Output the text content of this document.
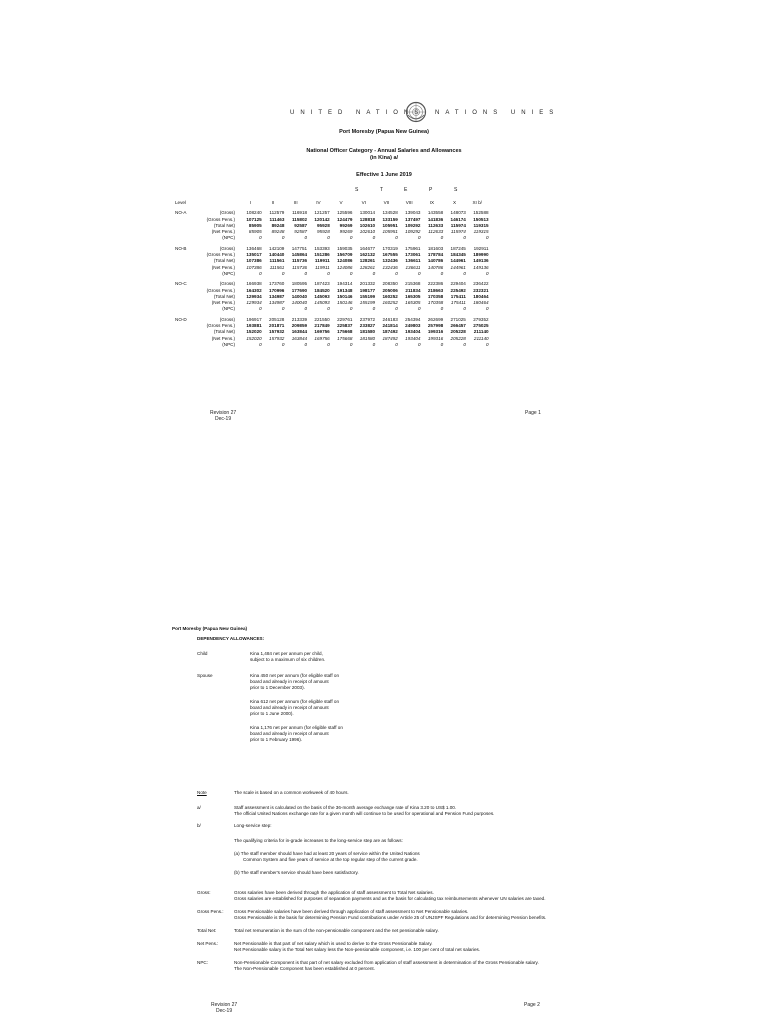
UNITED NATIONS NATIONS UNIES
Port Moresby (Papua New Guinea)
National Officer Category - Annual Salaries and Allowances
(in Kina) a/
Effective 1 June 2019
S	T	E	P	S
Level		I	II	III	IV	V	VI	VII	VIII	IX	X	XI b/

NO-A	(Gross)	108240	112579	116918	121257	125596	130014	134528	139043	143558	148073	152588
	(Gross Pens.)	107125	111463	115802	120142	124479	128818	133159	137497	141836	146174	150513
	(Total Net)	85905	89248	92587	95928	99269	102610	105951	109292	112633	115974	119315
	(Net Pens.)	85905	89248	92587	95928	99269	102610	105951	109292	112633	115974	119315
	(NPC)	0	0	0	0	0	0	0	0	0	0	0

NO-B	(Gross)	136468	142109	147751	153393	159035	164677	170319	175961	181603	187245	192911
	(Gross Pens.)	135017	140440	145864	151286	156709	162132	167555	173061	178784	184345	189990
	(Total Net)	107386	111561	115736	119911	124086	128261	132436	136611	140786	144961	149136
	(Net Pens.)	107386	111561	115736	119911	124086	128261	132436	136611	140786	144961	149136
	(NPC)	0	0	0	0	0	0	0	0	0	0	0

NO-C	(Gross)	166938	173760	180595	187423	194314	201332	208350	215368	222386	229404	236422
	(Gross Pens.)	164302	170996	177690	184520	191348	198177	205006	211834	218663	225492	232321
	(Total Net)	129934	134987	140040	145093	150146	155199	160252	165305	170358	175411	180464
	(Net Pens.)	129934	134987	140040	145093	150146	155199	160252	165305	170358	175411	180464
	(NPC)	0	0	0	0	0	0	0	0	0	0	0

NO-D	(Gross)	196917	205128	213339	221550	229761	237972	246183	254394	262699	271025	279352
	(Gross Pens.)	193881	201871	209859	217849	225837	233827	241814	249803	257998	266457	275025
	(Total Net)	152020	157932	163844	169756	175668	181580	187492	193404	199316	205228	211140
	(Net Pens.)	152020	157932	163844	169756	175668	181580	187492	193404	199316	205228	211140
	(NPC)	0	0	0	0	0	0	0	0	0	0	0

Revision 27
Dec-19
Page 1
Port Moresby (Papua New Guinea)
DEPENDENCY ALLOWANCES:
Child	Kina 1,484 net per annum per child,
subject to a maximum of six children.
Spouse	Kina 450 net per annum (for eligible staff on
board and already in receipt of amount
prior to 1 December 2003).
Kina 612 net per annum (for eligible staff on
board and already in receipt of amount
prior to 1 June 2000).
Kina 1,176 net per annum (for eligible staff on
board and already in receipt of amount
prior to 1 February 1996).
Note	The scale is based on a common workweek of 40 hours.
a/	Staff assessment is calculated on the basis of the 36-month average exchange rate of Kina 3.20 to US$ 1.00.
The official United Nations exchange rate for a given month will continue to be used for operational and Pension Fund purposes.
b/	Long-service step:
The qualifying criteria for in-grade increases to the long-service step are as follows:
(a) The staff member should have had at least 20 years of service within the United Nations
Common System and five years of service at the top regular step of the current grade.
(b) The staff member's service should have been satisfactory.
Gross:	Gross salaries have been derived through the application of staff assessment to Total Net salaries.
Gross salaries are established for purposes of separation payments and as the basis for calculating tax reimbursements whenever UN salaries are taxed.
Gross Pens.: Gross Pensionable salaries have been derived through application of staff assessment to Net Pensionable salaries.
Gross Pensionable is the basis for determining Pension Fund contributions under Article 25 of UNJSPF Regulations and for determining Pension benefits.
Total Net:	Total net remuneration is the sum of the non-pensionable component and the net pensionable salary.
Net Pens.:	Net Pensionable is that part of net salary which is used to derive to the Gross Pensionable Salary.
Net Pensionable salary is the Total Net salary less the Non-pensionable component, i.e. 100 per cent of total net salaries.
NPC:	Non-Pensionable Component is that part of net salary excluded from application of staff assessment in determination of the Gross Pensionable salary.
The Non-Pensionable Component has been established at 0 percent.
Revision 27
Dec-19
Page 2
